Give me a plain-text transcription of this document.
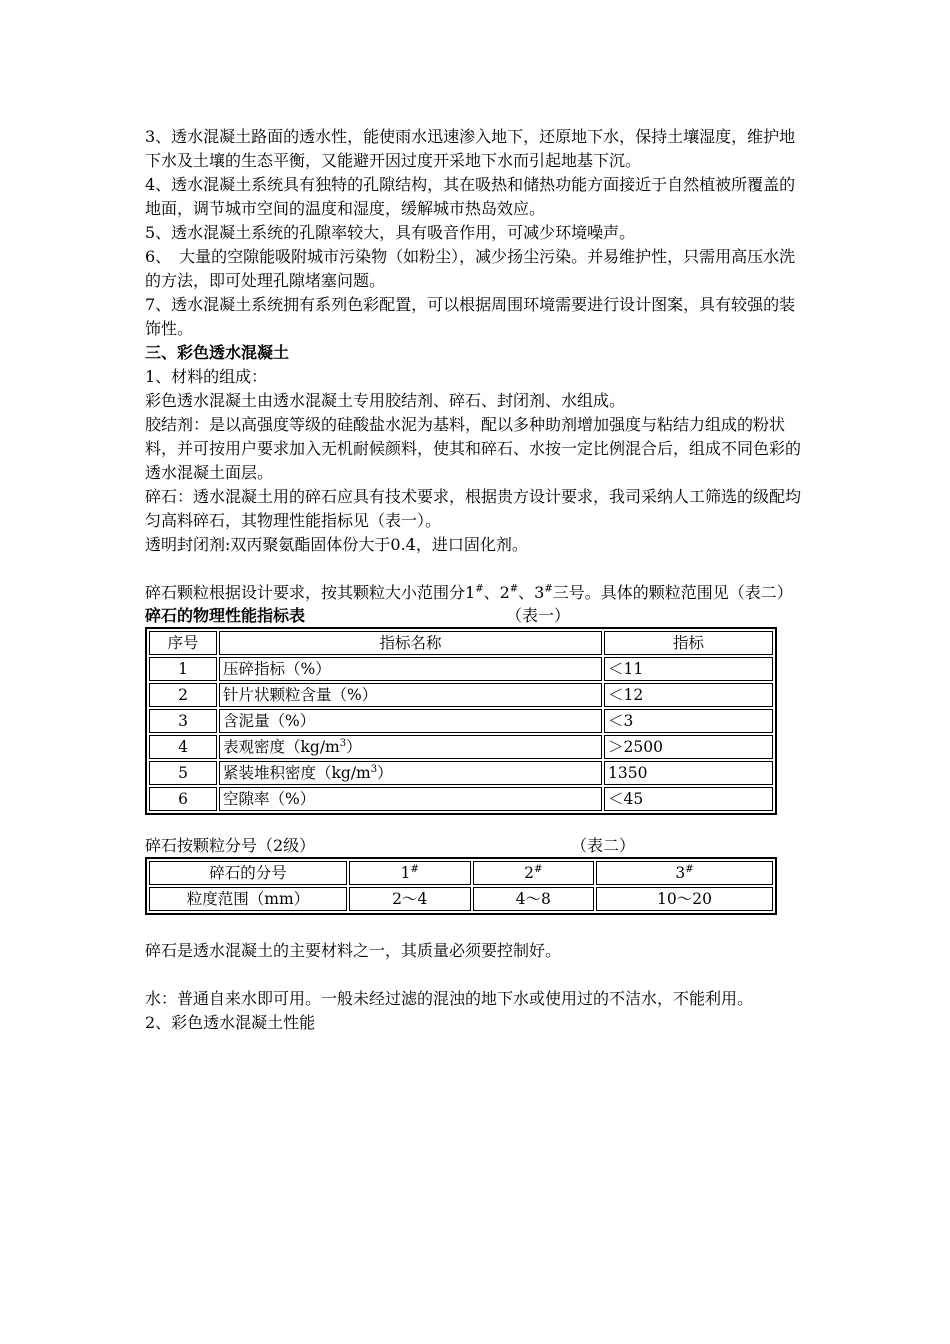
3、透水混凝土路面的透水性，能使雨水迅速渗入地下，还原地下水，保持土壤湿度，维护地下水及土壤的生态平衡，又能避开因过度开采地下水而引起地基下沉。

4、透水混凝土系统具有独特的孔隙结构，其在吸热和储热功能方面接近于自然植被所覆盖的地面，调节城市空间的温度和湿度，缓解城市热岛效应。

5、透水混凝土系统的孔隙率较大，具有吸音作用，可减少环境噪声。

6、　大量的空隙能吸附城市污染物（如粉尘），减少扬尘污染。并易维护性，只需用高压水洗的方法，即可处理孔隙堵塞问题。

7、透水混凝土系统拥有系列色彩配置，可以根据周围环境需要进行设计图案，具有较强的装饰性。

三、彩色透水混凝土

1、材料的组成：

彩色透水混凝土由透水混凝土专用胶结剂、碎石、封闭剂、水组成。

胶结剂：是以高强度等级的硅酸盐水泥为基料，配以多种助剂增加强度与粘结力组成的粉状料，并可按用户要求加入无机耐候颜料，使其和碎石、水按一定比例混合后，组成不同色彩的透水混凝土面层。

碎石：透水混凝土用的碎石应具有技术要求，根据贵方设计要求，我司采纳人工筛选的级配均匀高料碎石，其物理性能指标见（表一）。

透明封闭剂:双丙聚氨酯固体份大于0.4，进口固化剂。

碎石颗粒根据设计要求，按其颗粒大小范围分1#、2#、3#三号。具体的颗粒范围见（表二）

碎石的物理性能指标表	（表一）
序号	指标名称	指标
1	压碎指标（%）	＜11
2	针片状颗粒含量（%）	＜12
3	含泥量（%）	＜3
4	表观密度$(kg/m^3)$	＞2500
5	紧装堆积密度$(kg/m^3)$	1350
6	空隙率（%）	＜45
碎石按颗粒分号（2级）	（表二）
碎石的分号	1#	2#	3#
粒度范围（mm）	2～4	4～8	10～20

碎石是透水混凝土的主要材料之一，其质量必须要控制好。

水：普通自来水即可用。一般未经过滤的混浊的地下水或使用过的不洁水，不能利用。

2、彩色透水混凝土性能
